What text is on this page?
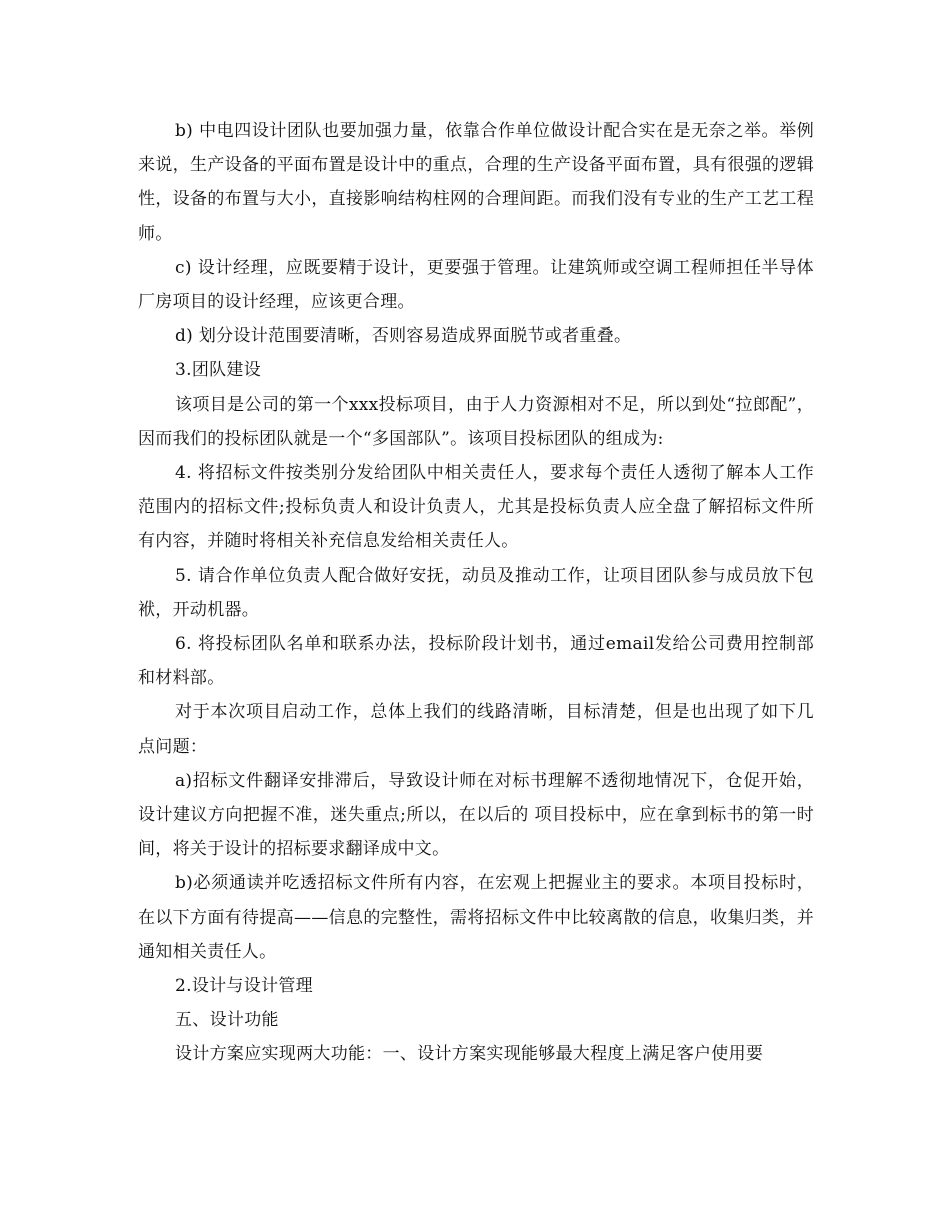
b) 中电四设计团队也要加强力量，依靠合作单位做设计配合实在是无奈之举。举例来说，生产设备的平面布置是设计中的重点，合理的生产设备平面布置，具有很强的逻辑性，设备的布置与大小，直接影响结构柱网的合理间距。而我们没有专业的生产工艺工程师。

c) 设计经理，应既要精于设计，更要强于管理。让建筑师或空调工程师担任半导体厂房项目的设计经理，应该更合理。

d) 划分设计范围要清晰，否则容易造成界面脱节或者重叠。

3.团队建设

该项目是公司的第一个xxx投标项目，由于人力资源相对不足，所以到处“拉郎配”，因而我们的投标团队就是一个“多国部队”。该项目投标团队的组成为:

4. 将招标文件按类别分发给团队中相关责任人，要求每个责任人透彻了解本人工作范围内的招标文件;投标负责人和设计负责人，尤其是投标负责人应全盘了解招标文件所有内容，并随时将相关补充信息发给相关责任人。

5. 请合作单位负责人配合做好安抚，动员及推动工作，让项目团队参与成员放下包袱，开动机器。

6. 将投标团队名单和联系办法，投标阶段计划书，通过email发给公司费用控制部和材料部。

对于本次项目启动工作，总体上我们的线路清晰，目标清楚，但是也出现了如下几点问题：

a)招标文件翻译安排滞后，导致设计师在对标书理解不透彻地情况下，仓促开始，设计建议方向把握不准，迷失重点;所以，在以后的 项目投标中，应在拿到标书的第一时间，将关于设计的招标要求翻译成中文。

b)必须通读并吃透招标文件所有内容，在宏观上把握业主的要求。本项目投标时，在以下方面有待提高——信息的完整性，需将招标文件中比较离散的信息，收集归类，并通知相关责任人。

2.设计与设计管理

五、设计功能

设计方案应实现两大功能：一、设计方案实现能够最大程度上满足客户使用要
